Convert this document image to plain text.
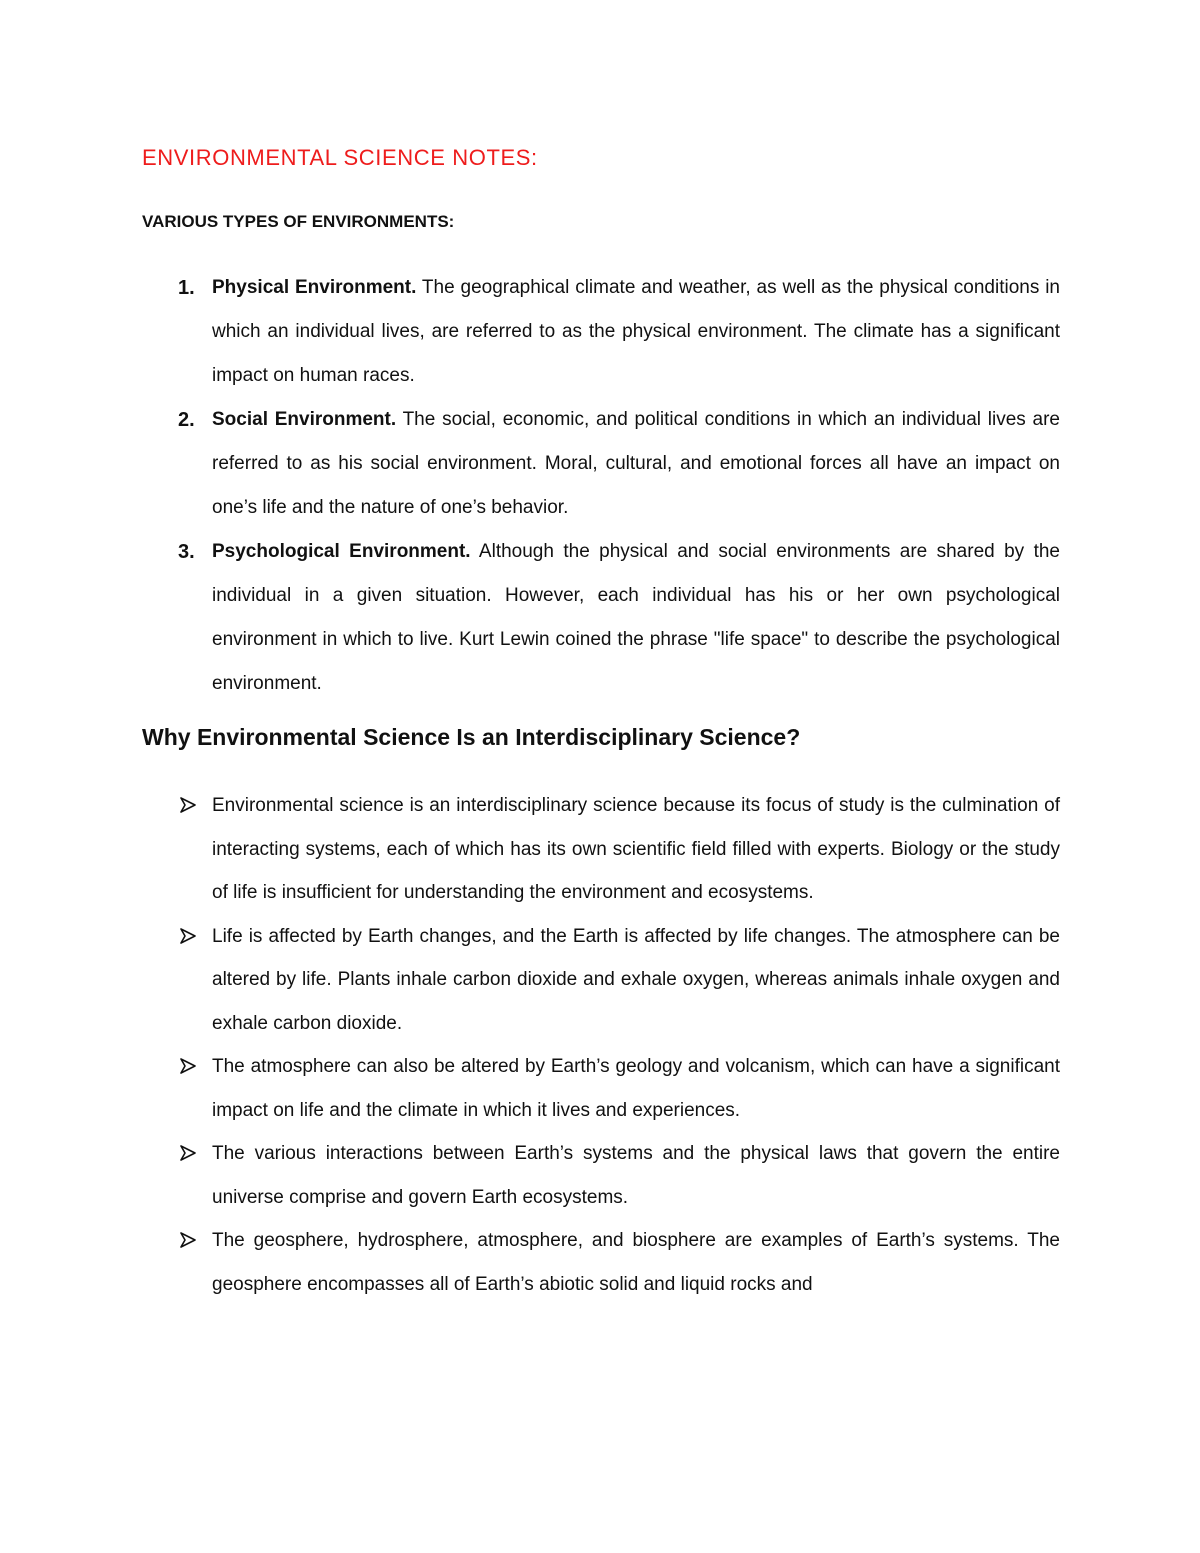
ENVIRONMENTAL SCIENCE NOTES:
VARIOUS TYPES OF ENVIRONMENTS:
1. Physical Environment. The geographical climate and weather, as well as the physical conditions in which an individual lives, are referred to as the physical environment. The climate has a significant impact on human races.
2. Social Environment. The social, economic, and political conditions in which an individual lives are referred to as his social environment. Moral, cultural, and emotional forces all have an impact on one’s life and the nature of one’s behavior.
3. Psychological Environment. Although the physical and social environments are shared by the individual in a given situation. However, each individual has his or her own psychological environment in which to live. Kurt Lewin coined the phrase "life space" to describe the psychological environment.
Why Environmental Science Is an Interdisciplinary Science?
Environmental science is an interdisciplinary science because its focus of study is the culmination of interacting systems, each of which has its own scientific field filled with experts. Biology or the study of life is insufficient for understanding the environment and ecosystems.
Life is affected by Earth changes, and the Earth is affected by life changes. The atmosphere can be altered by life. Plants inhale carbon dioxide and exhale oxygen, whereas animals inhale oxygen and exhale carbon dioxide.
The atmosphere can also be altered by Earth’s geology and volcanism, which can have a significant impact on life and the climate in which it lives and experiences.
The various interactions between Earth’s systems and the physical laws that govern the entire universe comprise and govern Earth ecosystems.
The geosphere, hydrosphere, atmosphere, and biosphere are examples of Earth’s systems. The geosphere encompasses all of Earth’s abiotic solid and liquid rocks and
